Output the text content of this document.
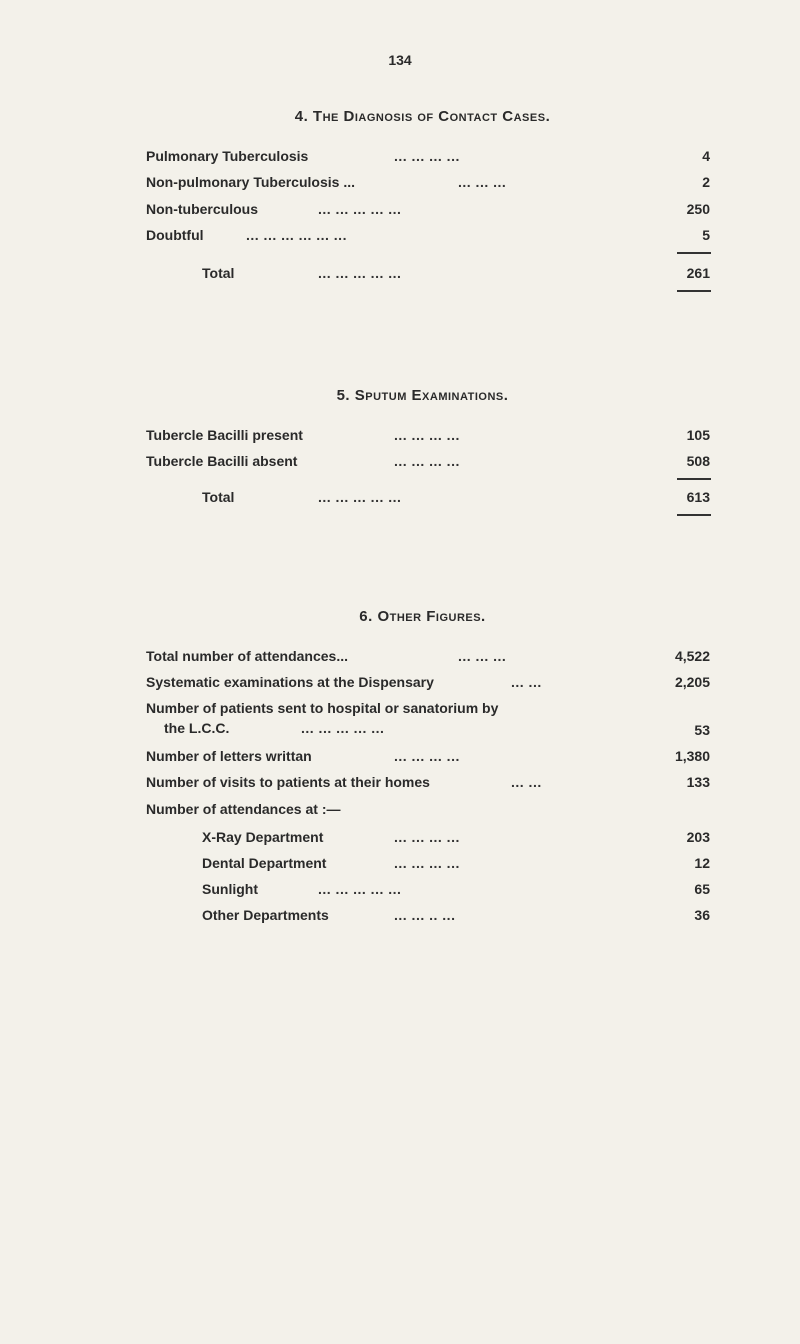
134
4. The Diagnosis of Contact Cases.
Pulmonary Tuberculosis	... ... ... ...	4
Non-pulmonary Tuberculosis ...	... ... ...	2
Non-tuberculous	... ... ... ... ...	250
Doubtful	... ... ... ... ... ...	5
Total	... ... ... ... ...	261
5. Sputum Examinations.
Tubercle Bacilli present	... ... ... ...	105
Tubercle Bacilli absent	... ... ... ...	508
Total	... ... ... ... ...	613
6. Other Figures.
Total number of attendances...	... ... ...	4,522
Systematic examinations at the Dispensary	... ...	2,205
Number of patients sent to hospital or sanatorium by
the L.C.C.	... ... ... ... ...	53
Number of letters writtan	... ... ... ...	1,380
Number of visits to patients at their homes	... ...	133
Number of attendances at :—
X-Ray Department	... ... ... ...	203
Dental Department	... ... ... ...	12
Sunlight	... ... ... ... ...	65
Other Departments	... ... .. ...	36
